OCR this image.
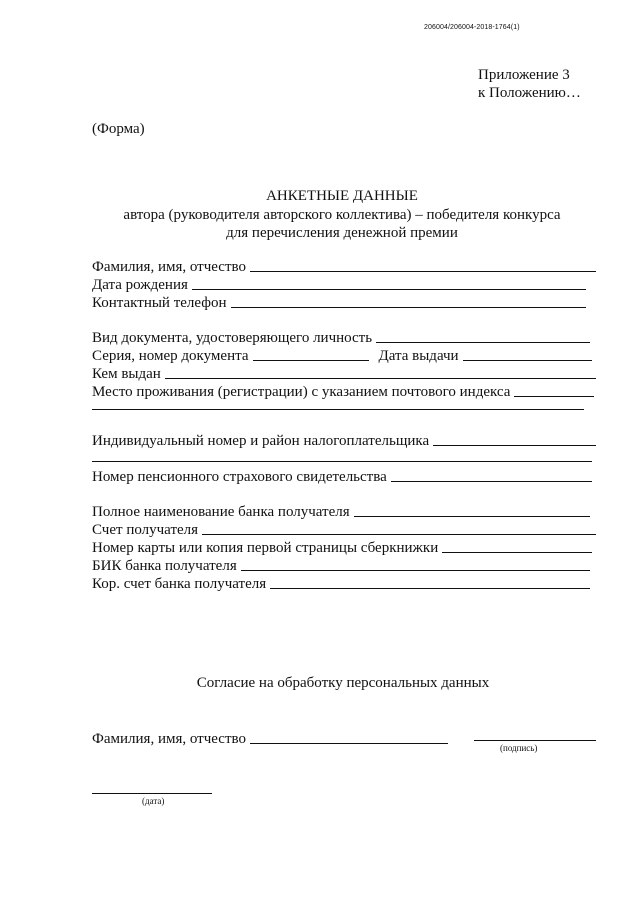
206004/206004-2018-1764(1)
Приложение 3
к Положению…
(Форма)
АНКЕТНЫЕ ДАННЫЕ
автора (руководителя авторского коллектива) – победителя конкурса
для перечисления денежной премии
Фамилия, имя, отчество
Дата рождения
Контактный телефон
Вид документа, удостоверяющего личность
Серия, номер документа	Дата выдачи
Кем выдан
Место проживания (регистрации) с указанием почтового индекса
Индивидуальный номер и район налогоплательщика
Номер пенсионного страхового свидетельства
Полное наименование банка получателя
Счет получателя
Номер карты или копия первой страницы сберкнижки
БИК банка получателя
Кор. счет банка получателя
Согласие на обработку персональных данных
Фамилия, имя, отчество
(подпись)
(дата)
